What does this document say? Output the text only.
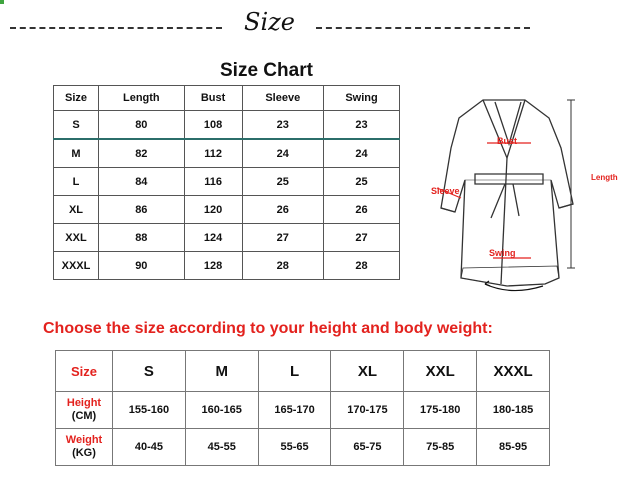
Size
Size Chart
Size	Length	Bust	Sleeve	Swing
S	80	108	23	23
M	82	112	24	24
L	84	116	25	25
XL	86	120	26	26
XXL	88	124	27	27
XXXL	90	128	28	28
Bust
Sleeve
Length
Swing
Choose the size according to your height and body weight:
Size	S	M	L	XL	XXL	XXXL
Height
(CM)	155-160	160-165	165-170	170-175	175-180	180-185
Weight
(KG)	40-45	45-55	55-65	65-75	75-85	85-95
